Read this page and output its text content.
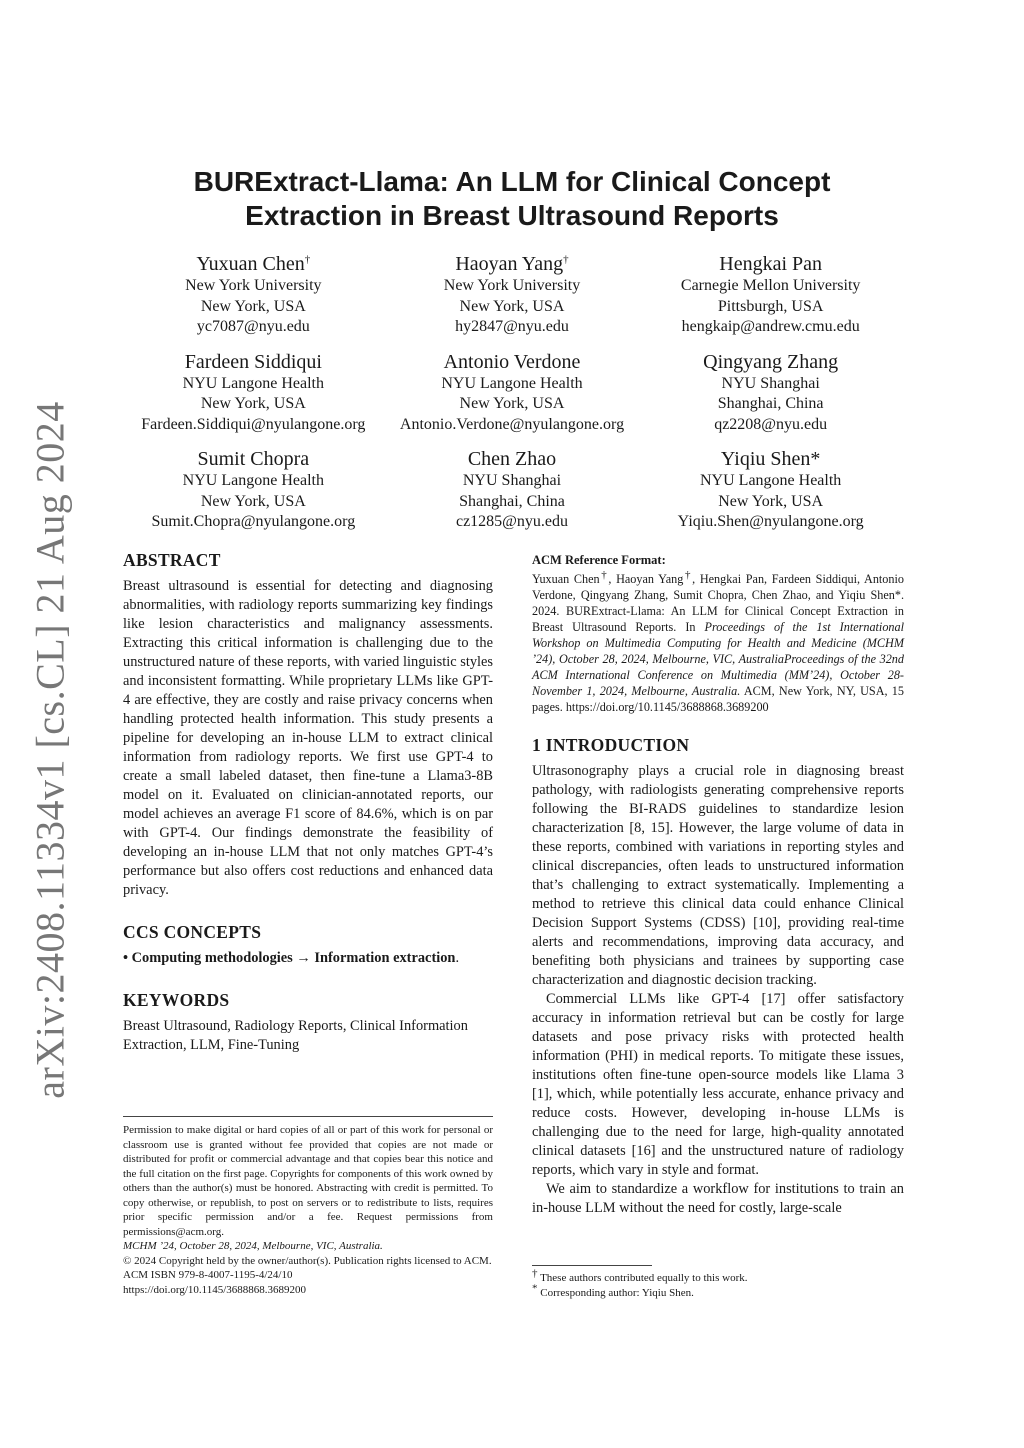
arXiv:2408.11334v1 [cs.CL] 21 Aug 2024
BURExtract-Llama: An LLM for Clinical Concept Extraction in Breast Ultrasound Reports
Yuxuan Chen†
New York University
New York, USA
yc7087@nyu.edu
Haoyan Yang†
New York University
New York, USA
hy2847@nyu.edu
Hengkai Pan
Carnegie Mellon University
Pittsburgh, USA
hengkaip@andrew.cmu.edu
Fardeen Siddiqui
NYU Langone Health
New York, USA
Fardeen.Siddiqui@nyulangone.org
Antonio Verdone
NYU Langone Health
New York, USA
Antonio.Verdone@nyulangone.org
Qingyang Zhang
NYU Shanghai
Shanghai, China
qz2208@nyu.edu
Sumit Chopra
NYU Langone Health
New York, USA
Sumit.Chopra@nyulangone.org
Chen Zhao
NYU Shanghai
Shanghai, China
cz1285@nyu.edu
Yiqiu Shen*
NYU Langone Health
New York, USA
Yiqiu.Shen@nyulangone.org
ABSTRACT

Breast ultrasound is essential for detecting and diagnosing abnormalities, with radiology reports summarizing key findings like lesion characteristics and malignancy assessments. Extracting this critical information is challenging due to the unstructured nature of these reports, with varied linguistic styles and inconsistent formatting. While proprietary LLMs like GPT-4 are effective, they are costly and raise privacy concerns when handling protected health information. This study presents a pipeline for developing an in-house LLM to extract clinical information from radiology reports. We first use GPT-4 to create a small labeled dataset, then fine-tune a Llama3-8B model on it. Evaluated on clinician-annotated reports, our model achieves an average F1 score of 84.6%, which is on par with GPT-4. Our findings demonstrate the feasibility of developing an in-house LLM that not only matches GPT-4’s performance but also offers cost reductions and enhanced data privacy.

CCS CONCEPTS

• Computing methodologies → Information extraction.

KEYWORDS

Breast Ultrasound, Radiology Reports, Clinical Information Extraction, LLM, Fine-Tuning

Permission to make digital or hard copies of all or part of this work for personal or classroom use is granted without fee provided that copies are not made or distributed for profit or commercial advantage and that copies bear this notice and the full citation on the first page. Copyrights for components of this work owned by others than the author(s) must be honored. Abstracting with credit is permitted. To copy otherwise, or republish, to post on servers or to redistribute to lists, requires prior specific permission and/or a fee. Request permissions from permissions@acm.org.

MCHM ’24, October 28, 2024, Melbourne, VIC, Australia.

© 2024 Copyright held by the owner/author(s). Publication rights licensed to ACM.

ACM ISBN 979-8-4007-1195-4/24/10

https://doi.org/10.1145/3688868.3689200

ACM Reference Format:

Yuxuan Chen†, Haoyan Yang†, Hengkai Pan, Fardeen Siddiqui, Antonio Verdone, Qingyang Zhang, Sumit Chopra, Chen Zhao, and Yiqiu Shen*. 2024. BURExtract-Llama: An LLM for Clinical Concept Extraction in Breast Ultrasound Reports. In Proceedings of the 1st International Workshop on Multimedia Computing for Health and Medicine (MCHM ’24), October 28, 2024, Melbourne, VIC, AustraliaProceedings of the 32nd ACM International Conference on Multimedia (MM’24), October 28-November 1, 2024, Melbourne, Australia. ACM, New York, NY, USA, 15 pages. https://doi.org/10.1145/3688868.3689200

1 INTRODUCTION

Ultrasonography plays a crucial role in diagnosing breast pathology, with radiologists generating comprehensive reports following the BI-RADS guidelines to standardize lesion characterization [8, 15]. However, the large volume of data in these reports, combined with variations in reporting styles and clinical discrepancies, often leads to unstructured information that’s challenging to extract systematically. Implementing a method to retrieve this clinical data could enhance Clinical Decision Support Systems (CDSS) [10], providing real-time alerts and recommendations, improving data accuracy, and benefiting both physicians and trainees by supporting case characterization and diagnostic decision tracking.

Commercial LLMs like GPT-4 [17] offer satisfactory accuracy in information retrieval but can be costly for large datasets and pose privacy risks with protected health information (PHI) in medical reports. To mitigate these issues, institutions often fine-tune open-source models like Llama 3 [1], which, while potentially less accurate, enhance privacy and reduce costs. However, developing in-house LLMs is challenging due to the need for large, high-quality annotated clinical datasets [16] and the unstructured nature of radiology reports, which vary in style and format.

We aim to standardize a workflow for institutions to train an in-house LLM without the need for costly, large-scale

† These authors contributed equally to this work.

* Corresponding author: Yiqiu Shen.
